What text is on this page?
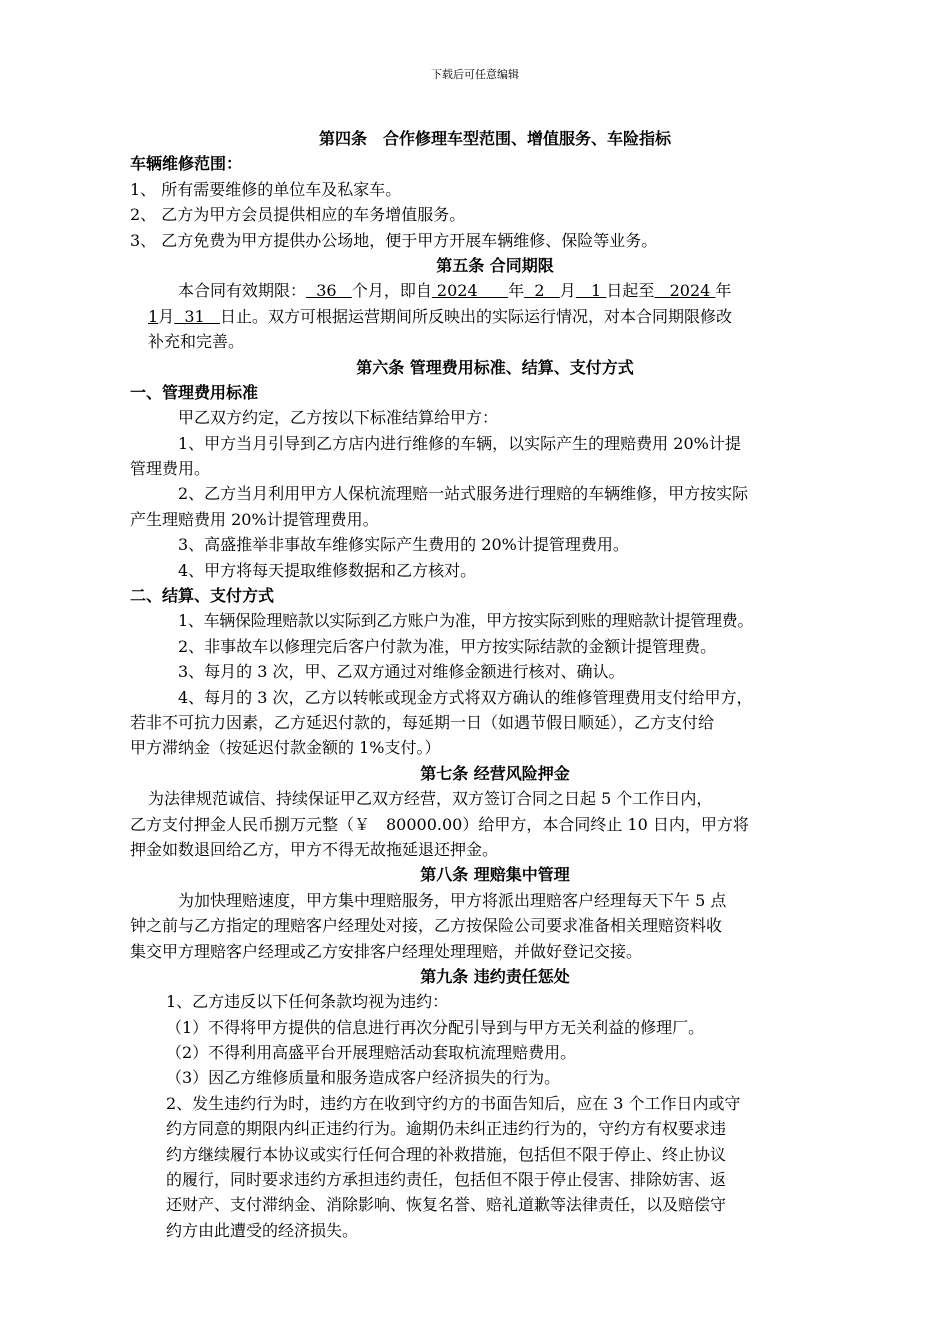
下载后可任意编辑
第四条　合作修理车型范围、增值服务、车险指标
车辆维修范围：
1、 所有需要维修的单位车及私家车。
2、 乙方为甲方会员提供相应的车务增值服务。
3、 乙方免费为甲方提供办公场地，便于甲方开展车辆维修、保险等业务。
第五条 合同期限
本合同有效期限：  36   个月，即自 2024      年  2   月   1 日起至   2024 年
1月  31   日止。双方可根据运营期间所反映出的实际运行情况，对本合同期限修改
补充和完善。
第六条 管理费用标准、结算、支付方式
一、管理费用标准
甲乙双方约定，乙方按以下标准结算给甲方：
1、甲方当月引导到乙方店内进行维修的车辆，以实际产生的理赔费用 20%计提
管理费用。
2、乙方当月利用甲方人保杭流理赔一站式服务进行理赔的车辆维修，甲方按实际
产生理赔费用 20%计提管理费用。
3、高盛推举非事故车维修实际产生费用的 20%计提管理费用。
4、甲方将每天提取维修数据和乙方核对。
二、结算、支付方式
1、车辆保险理赔款以实际到乙方账户为准，甲方按实际到账的理赔款计提管理费。
2、非事故车以修理完后客户付款为准，甲方按实际结款的金额计提管理费。
3、每月的 3 次，甲、乙双方通过对维修金额进行核对、确认。
4、每月的 3 次，乙方以转帐或现金方式将双方确认的维修管理费用支付给甲方，
若非不可抗力因素，乙方延迟付款的，每延期一日（如遇节假日顺延），乙方支付给
甲方滞纳金（按延迟付款金额的 1%支付。）
第七条 经营风险押金
为法律规范诚信、持续保证甲乙双方经营，双方签订合同之日起 5 个工作日内，
乙方支付押金人民币捌万元整（￥　80000.00）给甲方，本合同终止 10 日内，甲方将
押金如数退回给乙方，甲方不得无故拖延退还押金。
第八条 理赔集中管理
为加快理赔速度，甲方集中理赔服务，甲方将派出理赔客户经理每天下午 5 点
钟之前与乙方指定的理赔客户经理处对接，乙方按保险公司要求准备相关理赔资料收
集交甲方理赔客户经理或乙方安排客户经理处理理赔，并做好登记交接。
第九条 违约责任惩处
1、乙方违反以下任何条款均视为违约：
（1）不得将甲方提供的信息进行再次分配引导到与甲方无关利益的修理厂。
（2）不得利用高盛平台开展理赔活动套取杭流理赔费用。
（3）因乙方维修质量和服务造成客户经济损失的行为。
2、发生违约行为时，违约方在收到守约方的书面告知后，应在 3 个工作日内或守
约方同意的期限内纠正违约行为。逾期仍未纠正违约行为的，守约方有权要求违
约方继续履行本协议或实行任何合理的补救措施，包括但不限于停止、终止协议
的履行，同时要求违约方承担违约责任，包括但不限于停止侵害、排除妨害、返
还财产、支付滞纳金、消除影响、恢复名誉、赔礼道歉等法律责任，以及赔偿守
约方由此遭受的经济损失。
